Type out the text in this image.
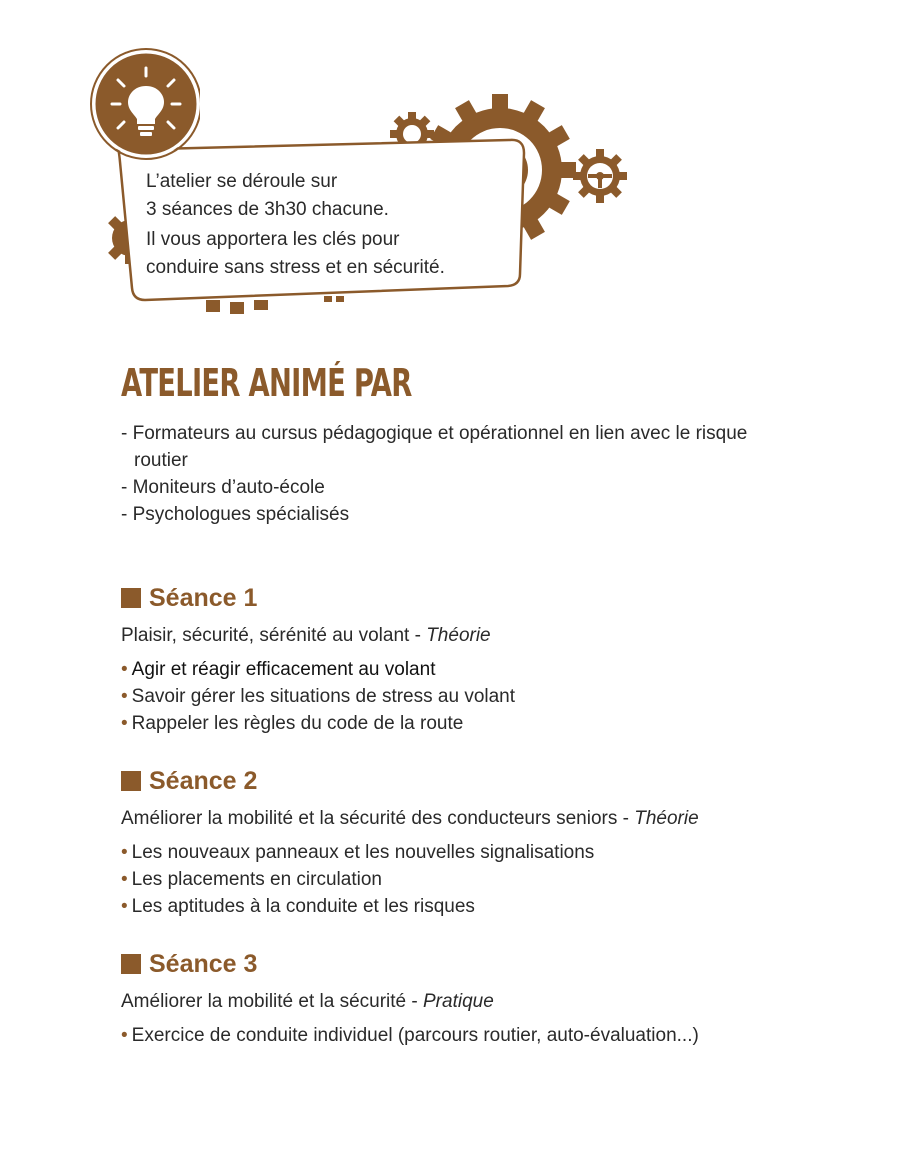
L’atelier se déroule sur
3 séances de 3h30 chacune.

Il vous apportera les clés pour
conduire sans stress et en sécurité.

ATELIER ANIMÉ PAR
- Formateurs au cursus pédagogique et opérationnel en lien avec le risque routier
- Moniteurs d’auto-école
- Psychologues spécialisés
Séance 1

Plaisir, sécurité, sérénité au volant - Théorie

• Agir et réagir efficacement au volant
• Savoir gérer les situations de stress au volant
• Rappeler les règles du code de la route
Séance 2

Améliorer la mobilité et la sécurité des conducteurs seniors - Théorie

• Les nouveaux panneaux et les nouvelles signalisations
• Les placements en circulation
• Les aptitudes à la conduite et les risques
Séance 3

Améliorer la mobilité et la sécurité - Pratique

• Exercice de conduite individuel (parcours routier, auto-évaluation...)
